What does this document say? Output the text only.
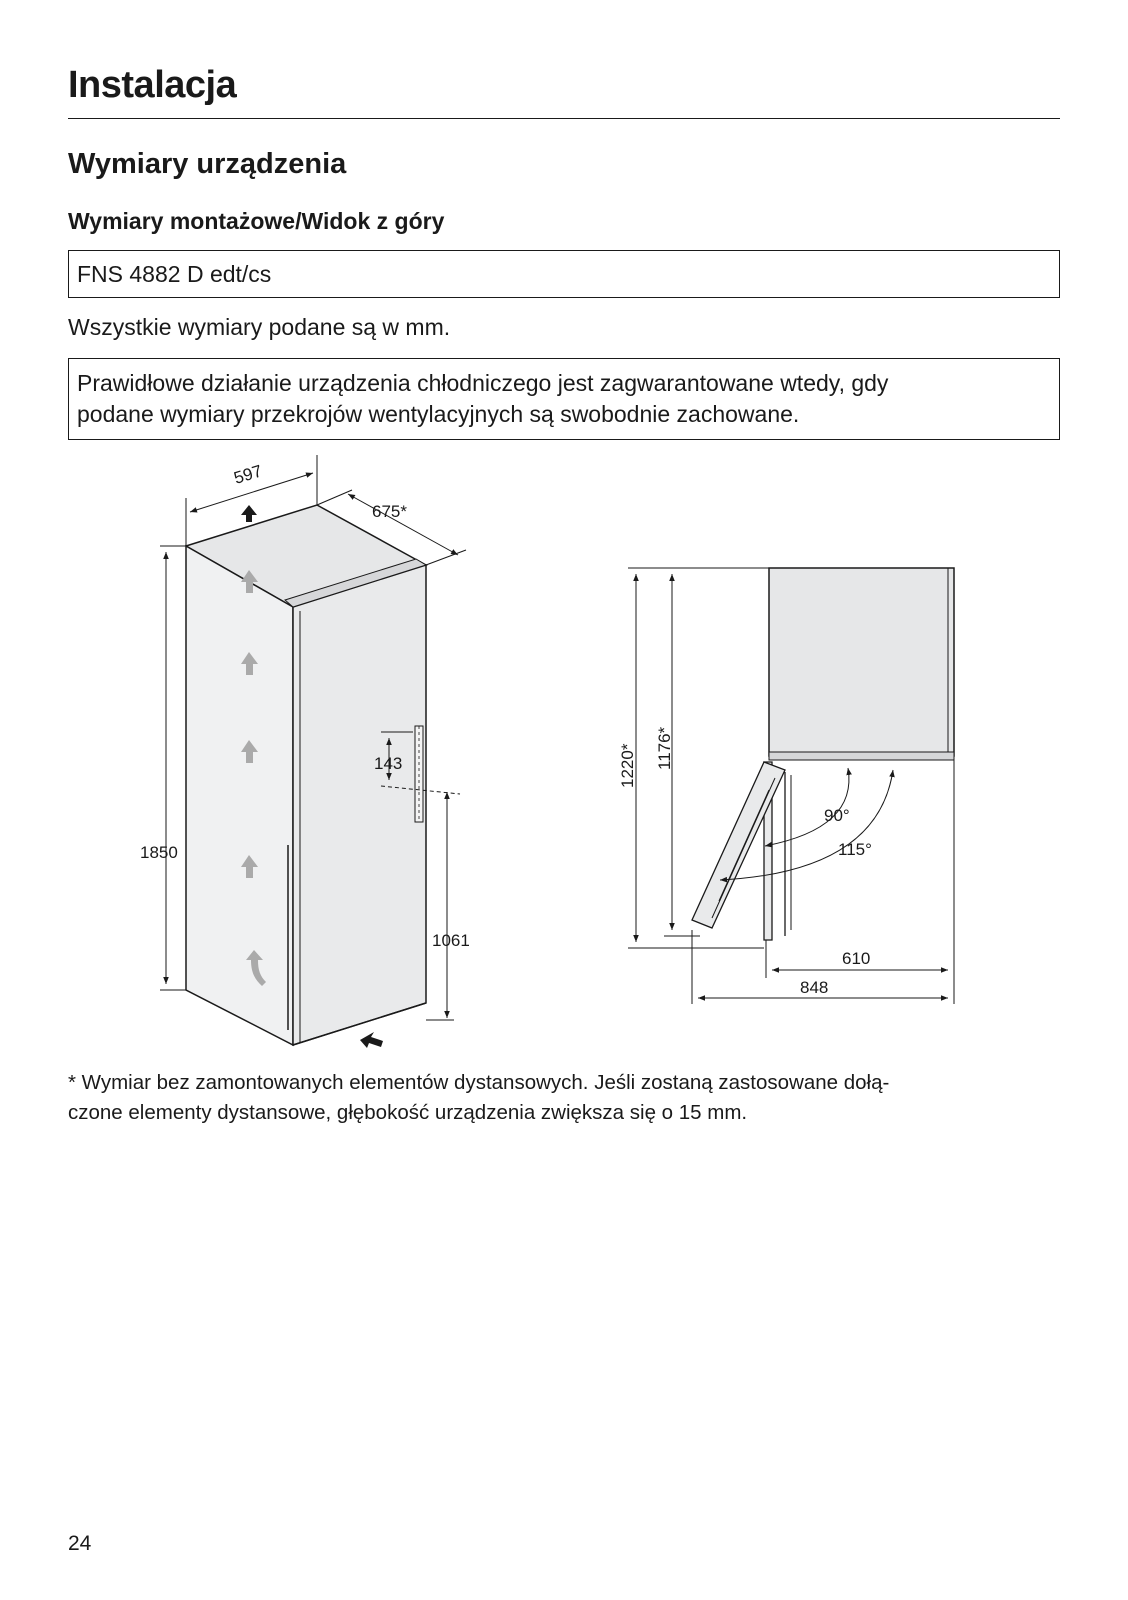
Instalacja
Wymiary urządzenia
Wymiary montażowe/Widok z góry
FNS 4882 D edt/cs
Wszystkie wymiary podane są w mm.
Prawidłowe działanie urządzenia chłodniczego jest zagwarantowane wtedy, gdy
podane wymiary przekrojów wentylacyjnych są swobodnie zachowane.
597
675*
1850
143
1061
90°
115°
1220* 1176*
610
848
* Wymiar bez zamontowanych elementów dystansowych. Jeśli zostaną zastosowane dołą-
czone elementy dystansowe, głębokość urządzenia zwiększa się o 15 mm.
24
